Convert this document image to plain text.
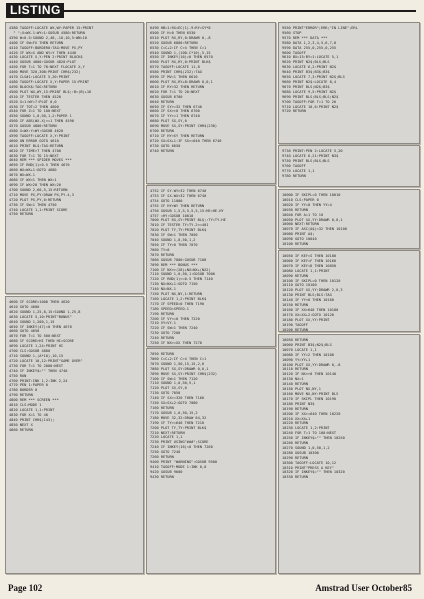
LISTING
4380 TAGOFF:LOCATE WX,WY:PAPER 15:PRINT
" ";X=WX-1:WY=1:GOSUB 4580:RETURN
4390 W=0.5:SOUND 2,48,-10,10,5:WN=10
4400 IF SW=FX THEN RETURN
4410 TAGOFF:BORDER0:TAG:MOVE PX,PY
4420 IF WX=X AND WY=Y THEN 4440
4430 LOCATE X,Y:PEN 2:PRINT BLOCK$
4440 GOSUB 4800:GOSUB 4820:PLOT
4450 FOR T=1 TO 78:NEXT FLOCATE X,Y
4460 MOVE 320,308:PRINT CHR$(232)
4470 CLS#1:LOCATE 5,20:PRINT
4480 TAGOFF:LOCATE X,Y:PAPER 15:PRINT
4490 BLOCK$:TAG:RETURN
4500 PLOT WX,WY,15:PRINT BL$;:B=(B)+16
4510 IF TESTER THEN 4520
4520 X=1:WY=7:PLOT 0,0
4530 IF TOT=2 THEN 4600
4540 FOR Z=1 TO 100:NEXT
4550 SOUND 1,0,50,1,2:PAPER 1
4560 IF ABS(WX-X)<=1 THEN 4590
4570 GOSUB 4800:RETURN
4580 X=WX:Y=WY:GOSUB 4620
4590 TAGOFF:LOCATE X,Y:PRINT
4600 ON ERROR GOTO 4610
4610 PRINT BL$:TAG:RETURN
4620 IF TIME>T THEN 4700
4630 FOR T=1 TO 15:NEXT
4640 REM *** SPIDER MOVES ***
4650 IF RND(1)>0.5 THEN 4670
4660 WX=WX+1:GOTO 4680
4670 WX=WX-1
4680 IF WX<1 THEN WX=1
4690 IF WX>20 THEN WX=20
4700 SOUND 2,60,5,15:RETURN
4710 MOVE PX,PY:DRAW PX,PY-4,3
4720 PLOT PX,PY,0:RETURN
4730 IF SW=1 THEN 4750
4740 LOCATE 1,1:PRINT SCORE
4750 RETURN
6490 HB=1:RX=EC(1)-9:RY=SY*8
6500 IF H=0 THEN 6530
6510 PLOT RX,RY,0:DRAWR 0,-8
6520 GOSUB 6800:RETURN
6530 C=C+2:IF C>4 THEN C=1
6540 SOUND 1,(100-C*10),5,15
6550 IF INKEY(16)=0 THEN 6570
6560 PLOT RX,RY,0:PRINT BLK$
6570 TAGOFF:LOCATE 11,8
6580 PRINT CHR$(232):TAG
6590 IF MV=1 THEN 6610
6600 PLOT RX,RY+8:DRAWR 0,0,1
6610 IF RY>32 THEN RETURN
6620 FOR T=1 TO 20:NEXT
6630 GOSUB 6700
6640 RETURN
6650 IF SY>=32 THEN 6740
6660 IF SX<>0 THEN 6700
6670 IF YY>=1 THEN 6740
6680 PLOT SX,SY,0
6690 MOVE SX,SY:PRINT CHR$(230)
6700 RETURN
6710 IF HY<SY THEN RETURN
6720 SX=SX+1:IF SX>=640 THEN 6740
6730 GOTO 6650
6740 RETURN
9550 PRINT"ERROR";ERR;"IN LINE";ERL
9560 STOP
9570 REM *** DATA ***
9580 DATA 1,2,3,4,5,6,7,8
9590 DATA 255,0,255,0,255
9600 TAGOFF
9610 BX=15:BY=1:LOCATE 5,1
9620 PRINT N2$;BLS;BLS
9630 LOCATE 6,2:PRINT N2$
9640 PRINT B3$;B3$;B3$
9650 LOCATE 7,3:PRINT N2$;BLS
9660 PRINT N2$:LOCATE 8,4
9670 PRINT BLS;N2$;B3$
9680 LOCATE 9,5:PRINT N2$
9690 PRINT BLS;BLS;BLS;N2$
9700 TAGOFF:FOR T=1 TO 20
9710 LOCATE 10,6:PRINT N2$
9720 RETURN
9730 PRINT:PEN 2:LOCATE 5,20
9740 LOCATE 6,21:PRINT N3$
9750 PRINT BLS;BLS;BLS
9760 TAGOFF
9770 LOCATE 1,1
9780 RETURN
10000 IF SKIPL=0 THEN 10010
10010 CLS:PAPER 0
10020 IF YY=0 THEN YY=4
10030 RETURN
10040 FOR A=1 TO 10
10050 PLOT XX,YY:DRAWR 0,0,1
10060 NEXT:RETURN
10070 IF ASC(A$)=32 THEN 10100
10080 PRINT A$;
10090 GOTO 10040
10100 RETURN
4752 IF SY-WY>32 THEN 6740
4753 IF SX-WX<32 THEN 6740
4754 GOTO 11000
4755 IF HY>WY THEN RETURN
4756 GOSUB 1,5,5,5,5,5,15:HE=HE-HY
4757 =HY:GOSUB 10010
7000 PLOT RX,SY:PRINT BL$;:TY=TY-HE
7010 IF TESTER TY=TY-2<=401
7020 PLOT TY,TY:PRINT BLK$
7030 IF SW=1 THEN 7050
7040 SOUND 1,0,50,1,2
7050 IF TY>0 THEN 7070
7060 TY=0
7070 RETURN
7080 GOSUB 7000:GOSUB 7100
7090 REM *** BONUS ***
7100 IF NX<>(28)+NX=NX+(NX2)
7110 SOUND 1,0,50,1:GOSUB 7000
7120 IF RND(1)>=0.5 THEN 7140
7130 NX=NX+1:GOTO 7150
7140 NX=NX-1
7150 PLOT NX,NY,1:RETURN
7160 LOCATE 1,2:PRINT BLK$
7170 IF SPEED=0 THEN 7190
7180 SPEED=SPEED-1
7190 RETURN
7200 IF VY<=0 THEN 7220
7210 VY=VY-1
7220 IF SW=1 THEN 7240
7230 GOTO 7200
7240 RETURN
7250 IF NX>=XX THEN 7270

10050 IF KEY=S THEN 10100
10060 IF KEY=F THEN 10160
10070 IF KEY=D THEN 10050
10080 LOCATE 1,1:PRINT
10090 RETURN
10100 IF SKIPL=0 THEN 10120
10110 GOTO 10100
10120 PLOT XX,YY:DRAWR 2,0,3
10130 PRINT BLS;BLS:TAG
10140 IF YY<0 THEN 10160
10150 RETURN
10160 IF XX>640 THEN 10180
10170 XX=XX+2:GOTO 10120
10180 PLOT XX,YY:PRINT
10190 TAGOFF
10200 RETURN

4600 IF SCORE>1000 THEN 4620
4610 GOTO 4600
4620 SOUND 1,25,8,15:SOUND 1,25,8
4630 LOCATE 5,10:PRINT"BONUS"
4640 SOUND 1,200,1,15
4650 IF INKEY(47)=0 THEN 4670
4660 GOTO 4650
4670 FOR T=1 TO 500:NEXT
4680 IF SCORE>HI THEN HI=SCORE
4690 LOCATE 1,24:PRINT HI
4700 CLS:GOSUB 4800
4710 SOUND 1,(A*10),10,15
4720 LOCATE 10,12:PRINT"GAME OVER"
4730 FOR T=1 TO 2000:NEXT
4740 IF INKEY$="" THEN 4740
4750 RUN
4760 PRINT:INK 1,2:INK 2,24
4770 PEN 1:PAPER 0
4780 BORDER 0
4790 RETURN
4800 REM *** SCREEN ***
4810 CLS:MODE 1
4820 LOCATE 1,1:PRINT
4830 FOR X=1 TO 40
4840 PRINT CHR$(143);
4850 NEXT X
4860 RETURN
7050 RETURN
7060 C=C+2:IF C>4 THEN C=1
7070 SOUND 1,50,15,15,2,0
7080 PLOT SX,SY:DRAWR 0,0,1
7090 MOVE SX,SY:PRINT CHR$(232)
7100 IF SW=1 THEN 7120
7110 SOUND 1,0,50,5,1
7120 PLOT SX,SY,0
7130 GOTO 7050
7140 IF SX>=320 THEN 7160
7150 SX=SX+2:GOTO 7080
7160 RETURN
7170 GOSUB 1,0,50,15,2
7180 MOVE 32,32:DRAW 64,32
7190 IF TY>=640 THEN 7210
7200 PLOT TY,TY:PRINT BLK$
7210 NEXT:RETURN
7220 LOCATE 1,1
7230 PRINT USING"###";SCORE
7240 IF INKEY(16)=0 THEN 7260
7250 GOTO 7240
7260 RETURN
9400 PRINT "WARNING":GOSUB 9500
9410 TAGOFF:MODE 1:INK 0,0
9420 GOSUB 9600
9430 RETURN
10050 RETURN
10060 PRINT B3$;N2$;BLS
10070 LOCATE 1,1
10080 IF YY=2 THEN 10100
10090 YY=YY+1
10100 PLOT XX,YY:DRAWR 0,-8
10110 RETURN
10120 IF NX<>0 THEN 10140
10130 NX=1
10140 RETURN
10150 PLOT NX,NY,1
10160 MOVE NX,NY:PRINT BLS
10170 IF SKIPL THEN 10190
10180 PRINT N3$
10190 RETURN
10200 IF XX>=640 THEN 10220
10210 XX=XX+1
10220 RETURN
10230 LOCATE 1,2:PRINT
10240 FOR T=1 TO 100:NEXT
10250 IF INKEY$="" THEN 10250
10260 RETURN
10270 SOUND 1,0,50,1,2
10280 GOSUB 10300
10290 RETURN
10300 TAGOFF:LOCATE 10,12
10310 PRINT"PRESS A KEY"
10320 IF INKEY$="" THEN 10320
10330 RETURN
Page 102	Amstrad User October85
